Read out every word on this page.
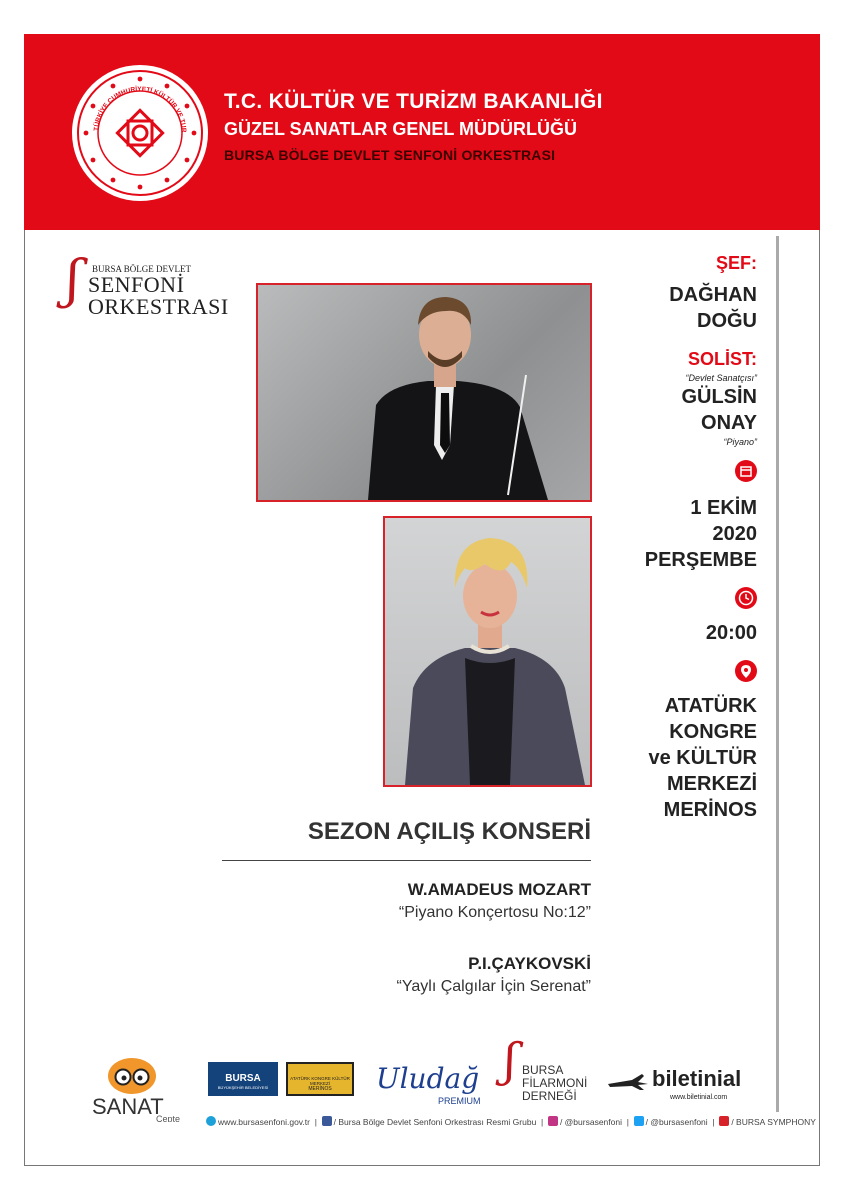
TÜRKİYE CUMHURİYETİ KÜLTÜR VE TUR
T.C. KÜLTÜR VE TURİZM BAKANLIĞI
GÜZEL SANATLAR GENEL MÜDÜRLÜĞÜ
BURSA BÖLGE DEVLET SENFONİ ORKESTRASI
ʃ BURSA BÖLGE DEVLET
SENFONİ
ORKESTRASI
ŞEF:
DAĞHAN
DOĞU
SOLİST:
“Devlet Sanatçısı”
GÜLSİN
ONAY
“Piyano”
1 EKİM
2020
PERŞEMBE
20:00
ATATÜRK
KONGRE
ve KÜLTÜR
MERKEZİ
MERİNOS
SEZON AÇILIŞ KONSERİ
W.AMADEUS MOZART
“Piyano Konçertosu No:12”
P.I.ÇAYKOVSKİ
“Yaylı Çalgılar İçin Serenat”
SANAT
Cepte
BURSA
BÜYÜKŞEHİR BELEDİYESİ
ATATÜRK KONGRE KÜLTÜR MERKEZİ
MERİNOS	Uludağ
PREMIUM
ʃ BURSA
FİLARMONİ
DERNEĞİ
biletinial
www.biletinial.com
www.bursasenfoni.gov.tr  |  / Bursa Bölge Devlet Senfoni Orkestrası Resmi Grubu  |  / @bursasenfoni  |  / @bursasenfoni  |  / BURSA SYMPHONY
